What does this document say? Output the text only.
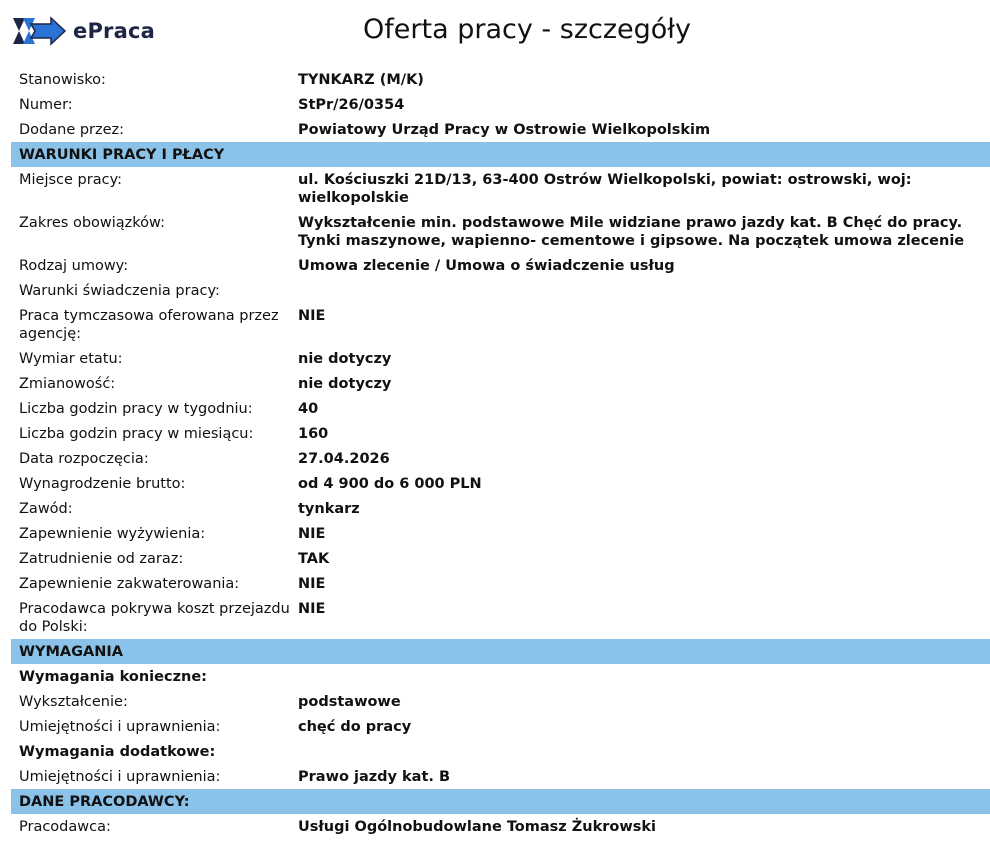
ePraca	Oferta pracy - szczegóły
Stanowisko:	TYNKARZ (M/K)
Numer:	StPr/26/0354
Dodane przez:	Powiatowy Urząd Pracy w Ostrowie Wielkopolskim
WARUNKI PRACY I PŁACY
Miejsce pracy:	ul. Kościuszki 21D/13, 63-400 Ostrów Wielkopolski, powiat: ostrowski, woj: wielkopolskie
Zakres obowiązków:	Wykształcenie min. podstawowe Mile widziane prawo jazdy kat. B Chęć do pracy. Tynki maszynowe, wapienno- cementowe i gipsowe. Na początek umowa zlecenie
Rodzaj umowy:	Umowa zlecenie / Umowa o świadczenie usług
Warunki świadczenia pracy:
Praca tymczasowa oferowana przez agencję:
NIE
Wymiar etatu:	nie dotyczy
Zmianowość:	nie dotyczy
Liczba godzin pracy w tygodniu:	40
Liczba godzin pracy w miesiącu:	160
Data rozpoczęcia:	27.04.2026
Wynagrodzenie brutto:	od 4 900 do 6 000 PLN
Zawód:	tynkarz
Zapewnienie wyżywienia:	NIE
Zatrudnienie od zaraz:	TAK
Zapewnienie zakwaterowania:	NIE
Pracodawca pokrywa koszt przejazdu do Polski:
NIE
WYMAGANIA
Wymagania konieczne:
Wykształcenie:	podstawowe
Umiejętności i uprawnienia:	chęć do pracy
Wymagania dodatkowe:
Umiejętności i uprawnienia:	Prawo jazdy kat. B
DANE PRACODAWCY:
Pracodawca:	Usługi Ogólnobudowlane Tomasz Żukrowski
